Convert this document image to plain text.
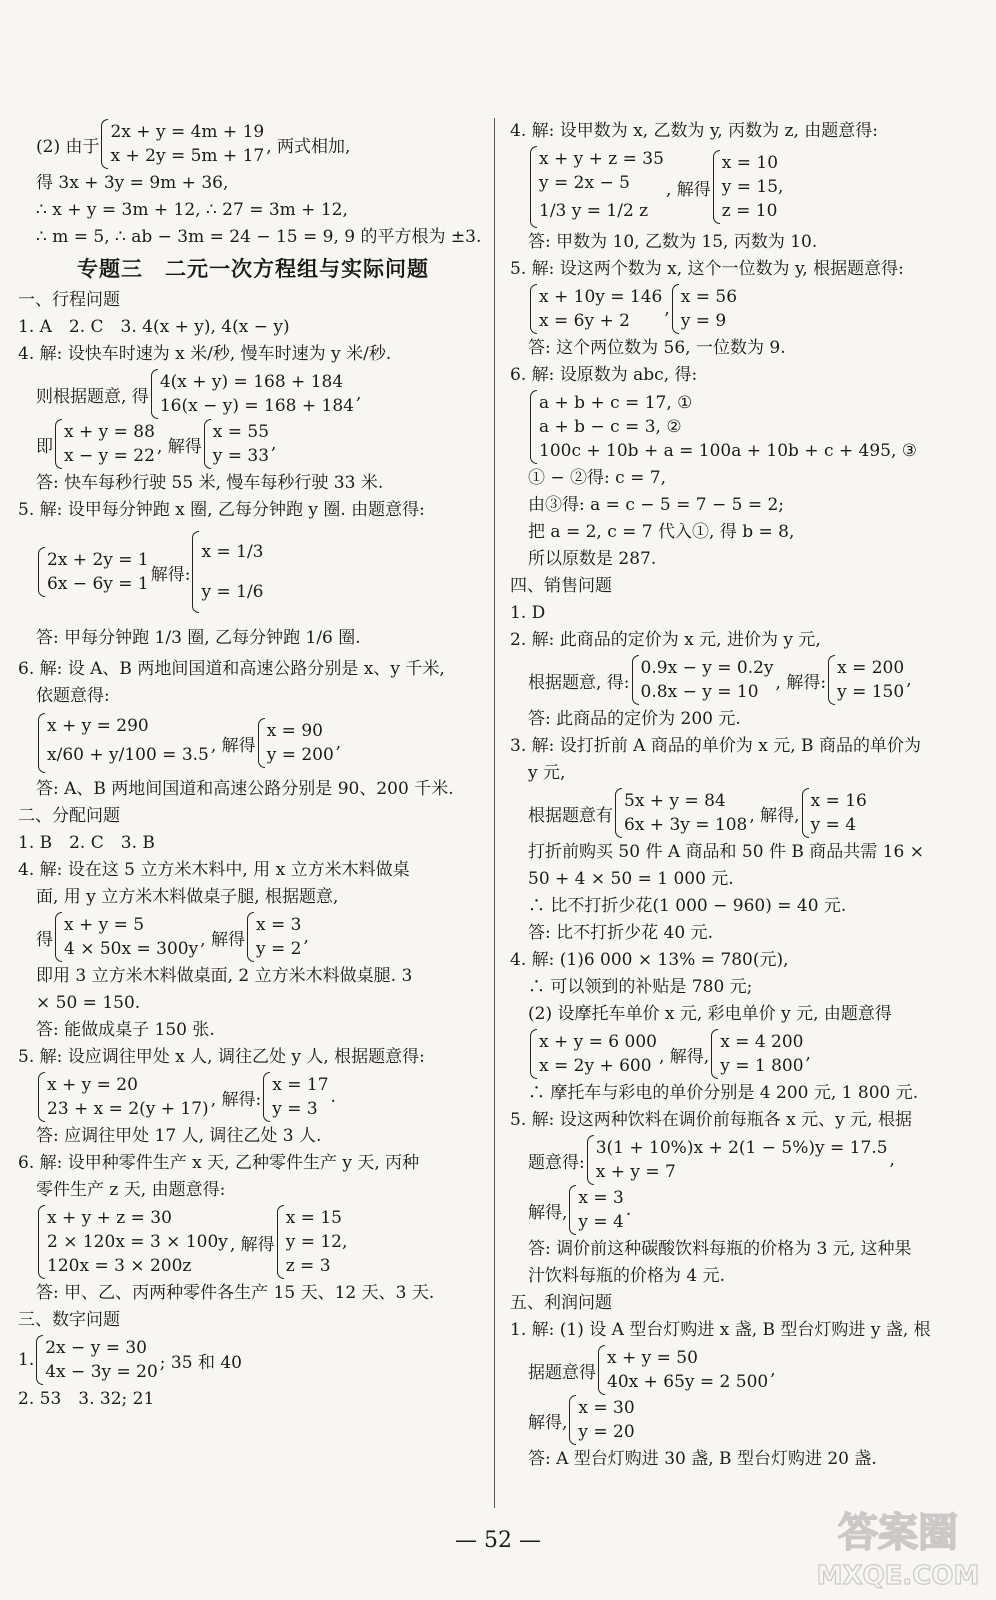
(2) 由于
2x + y = 4m + 19
x + 2y = 5m + 17 , 两式相加,
得 3x + 3y = 9m + 36,
∴ x + y = 3m + 12, ∴ 27 = 3m + 12,
∴ m = 5, ∴ ab − 3m = 24 − 15 = 9, 9 的平方根为 ±3.
专题三　二元一次方程组与实际问题
一、行程问题
1. A　2. C　3. 4(x + y), 4(x − y)
4. 解: 设快车时速为 x 米/秒, 慢车时速为 y 米/秒.
则根据题意, 得
4(x + y) = 168 + 184
16(x − y) = 168 + 184
,
即
x + y = 88
x − y = 22 , 解得
x = 55
y = 33
,
答: 快车每秒行驶 55 米, 慢车每秒行驶 33 米.
5. 解: 设甲每分钟跑 x 圈, 乙每分钟跑 y 圈. 由题意得:
2x + 2y = 1
6x − 6y = 1 解得:
x = 1/3
y = 1/6
答: 甲每分钟跑 1/3 圈, 乙每分钟跑 1/6 圈.
6. 解: 设 A、B 两地间国道和高速公路分别是 x、y 千米,
依题意得:
x + y = 290
x/60 + y/100 = 3.5 , 解得
x = 90
y = 200
,
答: A、B 两地间国道和高速公路分别是 90、200 千米.
二、分配问题
1. B　2. C　3. B
4. 解: 设在这 5 立方米木料中, 用 x 立方米木料做桌
面, 用 y 立方米木料做桌子腿, 根据题意,
得
x + y = 5
4 × 50x = 300y , 解得
x = 3
y = 2
,
即用 3 立方米木料做桌面, 2 立方米木料做桌腿. 3
× 50 = 150.
答: 能做成桌子 150 张.
5. 解: 设应调往甲处 x 人, 调往乙处 y 人, 根据题意得:
x + y = 20
23 + x = 2(y + 17) , 解得:
x = 17
y = 3
.
答: 应调往甲处 17 人, 调往乙处 3 人.
6. 解: 设甲种零件生产 x 天, 乙种零件生产 y 天, 丙种
零件生产 z 天, 由题意得:
x + y + z = 30
2 × 120x = 3 × 100y
120x = 3 × 200z
, 解得
x = 15
y = 12,
z = 3
答: 甲、乙、丙两种零件各生产 15 天、12 天、3 天.
三、数字问题
1.
2x − y = 30
4x − 3y = 20 ; 35 和 40
2. 53　3. 32; 21
4. 解: 设甲数为 x, 乙数为 y, 丙数为 z, 由题意得:
x + y + z = 35
y = 2x − 5
1/3 y = 1/2 z
, 解得
x = 10
y = 15,
z = 10
答: 甲数为 10, 乙数为 15, 丙数为 10.
5. 解: 设这两个数为 x, 这个一位数为 y, 根据题意得:
x + 10y = 146
x = 6y + 2
,
x = 56
y = 9
答: 这个两位数为 56, 一位数为 9.
6. 解: 设原数为 abc, 得:
a + b + c = 17, ①
a + b − c = 3, ②
100c + 10b + a = 100a + 10b + c + 495, ③
① − ②得: c = 7,
由③得: a = c − 5 = 7 − 5 = 2;
把 a = 2, c = 7 代入①, 得 b = 8,
所以原数是 287.
四、销售问题
1. D
2. 解: 此商品的定价为 x 元, 进价为 y 元,
根据题意, 得:
0.9x − y = 0.2y
0.8x − y = 10	, 解得:
x = 200
y = 150
,
答: 此商品的定价为 200 元.
3. 解: 设打折前 A 商品的单价为 x 元, B 商品的单价为
y 元,
根据题意有
5x + y = 84
6x + 3y = 108 , 解得,
x = 16
y = 4
打折前购买 50 件 A 商品和 50 件 B 商品共需 16 ×
50 + 4 × 50 = 1 000 元.
∴ 比不打折少花(1 000 − 960) = 40 元.
答: 比不打折少花 40 元.
4. 解: (1)6 000 × 13% = 780(元),
∴ 可以领到的补贴是 780 元;
(2) 设摩托车单价 x 元, 彩电单价 y 元, 由题意得
x + y = 6 000
x = 2y + 600 , 解得,
x = 4 200
y = 1 800
,
∴ 摩托车与彩电的单价分别是 4 200 元, 1 800 元.
5. 解: 设这两种饮料在调价前每瓶各 x 元、y 元, 根据
题意得:
3(1 + 10%)x + 2(1 − 5%)y = 17.5
x + y = 7
,
解得,
x = 3
y = 4
.
答: 调价前这种碳酸饮料每瓶的价格为 3 元, 这种果
汁饮料每瓶的价格为 4 元.
五、利润问题
1. 解: (1) 设 A 型台灯购进 x 盏, B 型台灯购进 y 盏, 根
据题意得
x + y = 50
40x + 65y = 2 500
,
解得,
x = 30
y = 20
答: A 型台灯购进 30 盏, B 型台灯购进 20 盏.
— 52 —	答案圈
MXQE.COM
